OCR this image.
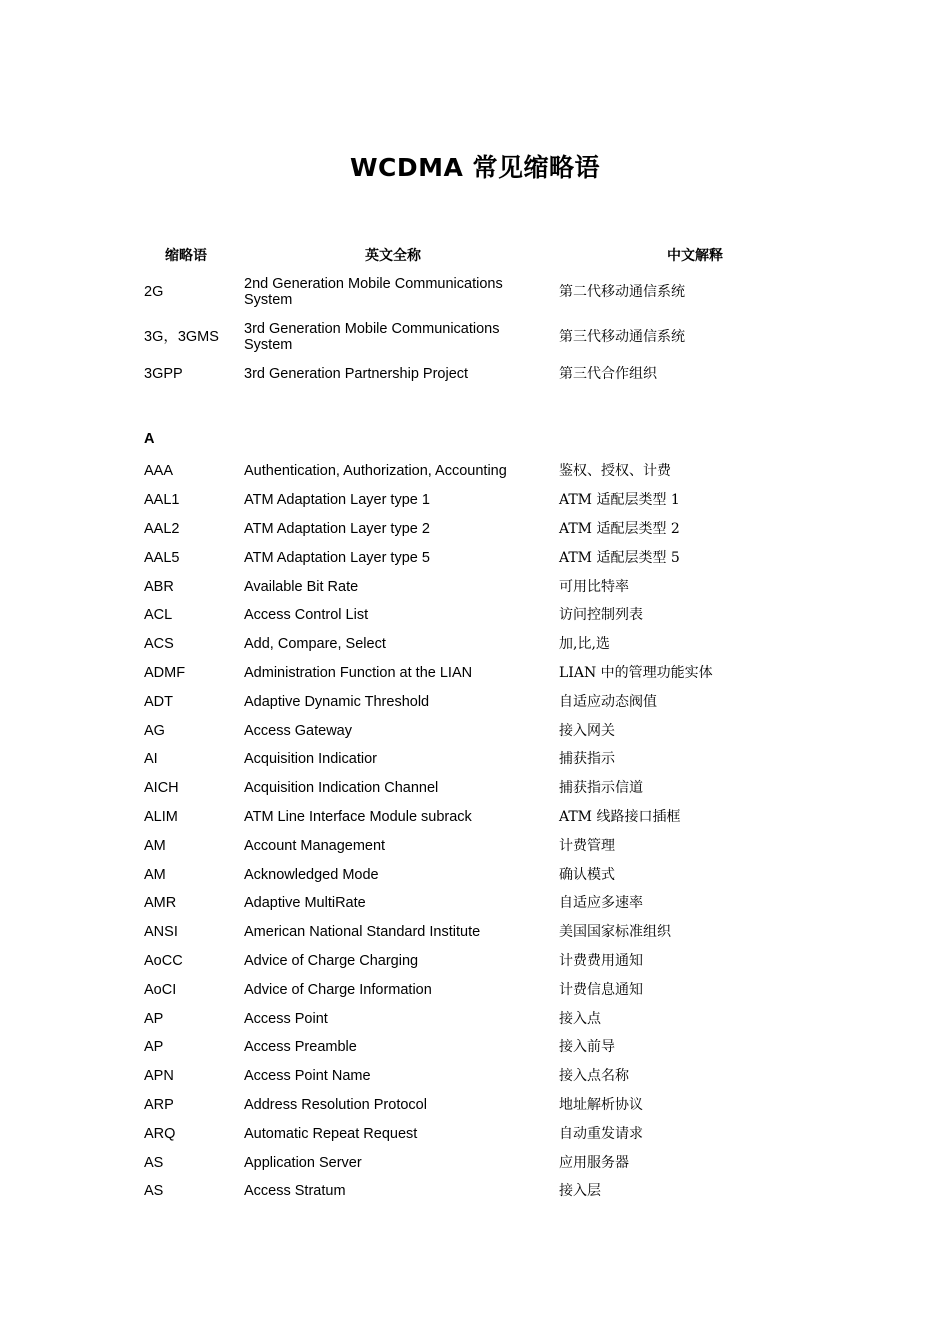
WCDMA 常见缩略语
缩略语	英文全称	中文解释
2G	2nd Generation Mobile Communications System	第二代移动通信系统
3G，3GMS	3rd Generation Mobile Communications System	第三代移动通信系统
3GPP	3rd Generation Partnership Project	第三代合作组织
A
AAA	Authentication, Authorization, Accounting	鉴权、授权、计费
AAL1	ATM Adaptation Layer type 1	ATM 适配层类型 1
AAL2	ATM Adaptation Layer type 2	ATM 适配层类型 2
AAL5	ATM Adaptation Layer type 5	ATM 适配层类型 5
ABR	Available Bit Rate	可用比特率
ACL	Access Control List	访问控制列表
ACS	Add, Compare, Select	加,比,选
ADMF	Administration Function at the LIAN	LIAN 中的管理功能实体
ADT	Adaptive Dynamic Threshold	自适应动态阀值
AG	Access Gateway	接入网关
AI	Acquisition Indicatior	捕获指示
AICH	Acquisition Indication Channel	捕获指示信道
ALIM	ATM Line Interface Module subrack	ATM 线路接口插框
AM	Account Management	计费管理
AM	Acknowledged Mode	确认模式
AMR	Adaptive MultiRate	自适应多速率
ANSI	American National Standard Institute	美国国家标准组织
AoCC	Advice of Charge Charging	计费费用通知
AoCI	Advice of Charge Information	计费信息通知
AP	Access Point	接入点
AP	Access Preamble	接入前导
APN	Access Point Name	接入点名称
ARP	Address Resolution Protocol	地址解析协议
ARQ	Automatic Repeat Request	自动重发请求
AS	Application Server	应用服务器
AS	Access Stratum	接入层
